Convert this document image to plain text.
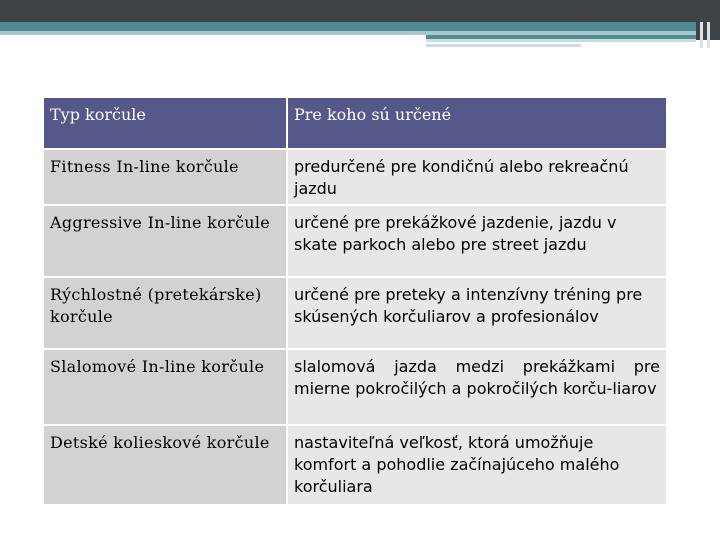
Typ korčule	Pre koho sú určené
Fitness In-line korčule	predurčené pre kondičnú alebo rekreačnú jazdu
Aggressive In-line korčule	určené pre prekážkové jazdenie, jazdu v skate parkoch alebo pre street jazdu
Rýchlostné (pretekárske) korčule	určené pre preteky a intenzívny tréning pre skúsených korčuliarov a profesionálov
Slalomové In-line korčule	slalomová jazda medzi prekážkami pre mierne pokročilých a pokročilých korču-liarov
Detské kolieskové korčule	nastaviteľná veľkosť, ktorá umožňuje komfort a pohodlie začínajúceho malého korčuliara
